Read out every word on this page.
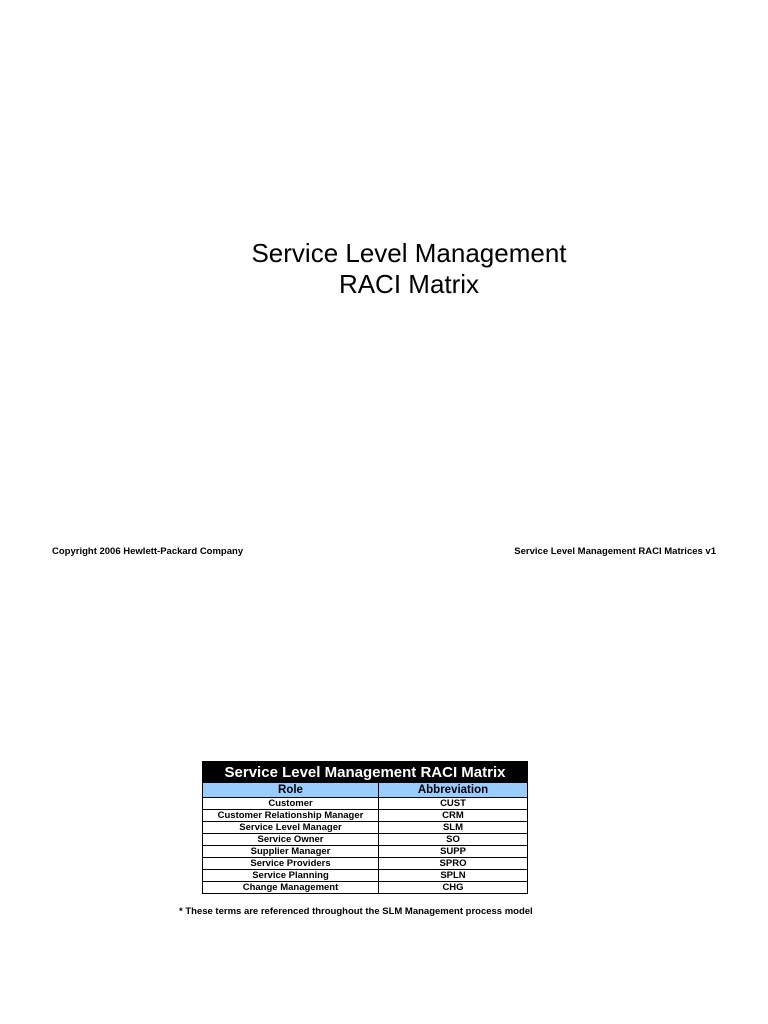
Service Level Management
RACI Matrix
Copyright 2006 Hewlett-Packard Company	Service Level Management RACI Matrices v1
Service Level Management RACI Matrix	
Role	Abbreviation
Customer	CUST
Customer Relationship Manager	CRM
Service Level Manager	SLM
Service Owner	SO
Supplier Manager	SUPP
Service Providers	SPRO
Service Planning	SPLN
Change Management	CHG
* These terms are referenced throughout the SLM Management process model
